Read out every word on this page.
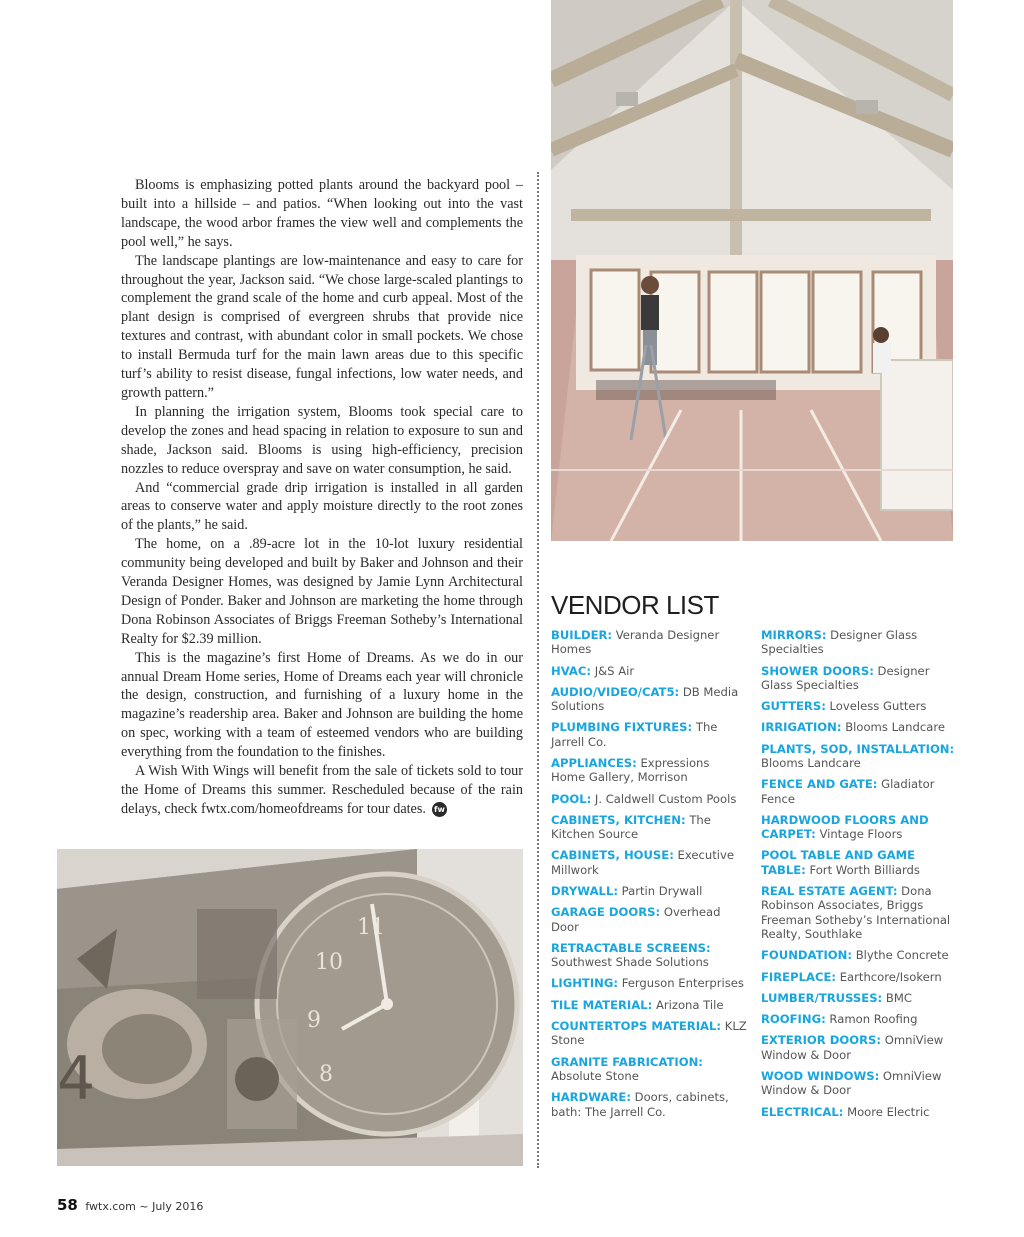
Blooms is emphasizing potted plants around the backyard pool – built into a hillside – and patios. “When looking out into the vast landscape, the wood arbor frames the view well and complements the pool well,” he says.

The landscape plantings are low-maintenance and easy to care for throughout the year, Jackson said. “We chose large-scaled plantings to complement the grand scale of the home and curb appeal. Most of the plant design is comprised of evergreen shrubs that provide nice textures and contrast, with abundant color in small pockets. We chose to install Bermuda turf for the main lawn areas due to this specific turf’s ability to resist disease, fungal infections, low water needs, and growth pattern.”

In planning the irrigation system, Blooms took special care to develop the zones and head spacing in relation to exposure to sun and shade, Jackson said. Blooms is using high-efficiency, precision nozzles to reduce overspray and save on water consumption, he said.

And “commercial grade drip irrigation is installed in all garden areas to conserve water and apply moisture directly to the root zones of the plants,” he said.

The home, on a .89-acre lot in the 10-lot luxury residential community being developed and built by Baker and Johnson and their Veranda Designer Homes, was designed by Jamie Lynn Architectural Design of Ponder. Baker and Johnson are marketing the home through Dona Robinson Associates of Briggs Freeman Sotheby’s International Realty for $2.39 million.

This is the magazine’s first Home of Dreams. As we do in our annual Dream Home series, Home of Dreams each year will chronicle the design, construction, and furnishing of a luxury home in the magazine’s readership area. Baker and Johnson are building the home on spec, working with a team of esteemed vendors who are building everything from the foundation to the finishes.

A Wish With Wings will benefit from the sale of tickets sold to tour the Home of Dreams this summer. Rescheduled because of the rain delays, check fwtx.com/homeofdreams for tour dates. fw

11
10
9
8
4
VENDOR LIST
BUILDER: Veranda Designer Homes
HVAC: J&S Air
AUDIO/VIDEO/CAT5: DB Media Solutions
PLUMBING FIXTURES: The Jarrell Co.
APPLIANCES: Expressions Home Gallery, Morrison
POOL: J. Caldwell Custom Pools
CABINETS, KITCHEN: The Kitchen Source
CABINETS, HOUSE: Executive Millwork
DRYWALL: Partin Drywall
GARAGE DOORS: Overhead Door
RETRACTABLE SCREENS: Southwest Shade Solutions
LIGHTING: Ferguson Enterprises
TILE MATERIAL: Arizona Tile
COUNTERTOPS MATERIAL: KLZ Stone
GRANITE FABRICATION: Absolute Stone
HARDWARE: Doors, cabinets, bath: The Jarrell Co.
MIRRORS: Designer Glass Specialties
SHOWER DOORS: Designer Glass Specialties
GUTTERS: Loveless Gutters
IRRIGATION: Blooms Landcare
PLANTS, SOD, INSTALLATION: Blooms Landcare
FENCE AND GATE: Gladiator Fence
HARDWOOD FLOORS AND CARPET: Vintage Floors
POOL TABLE AND GAME TABLE: Fort Worth Billiards
REAL ESTATE AGENT: Dona Robinson Associates, Briggs Freeman Sotheby’s International Realty, Southlake
FOUNDATION: Blythe Concrete
FIREPLACE: Earthcore/Isokern
LUMBER/TRUSSES: BMC
ROOFING: Ramon Roofing
EXTERIOR DOORS: OmniView Window & Door
WOOD WINDOWS: OmniView Window & Door
ELECTRICAL: Moore Electric
58 fwtx.com ~ July 2016
